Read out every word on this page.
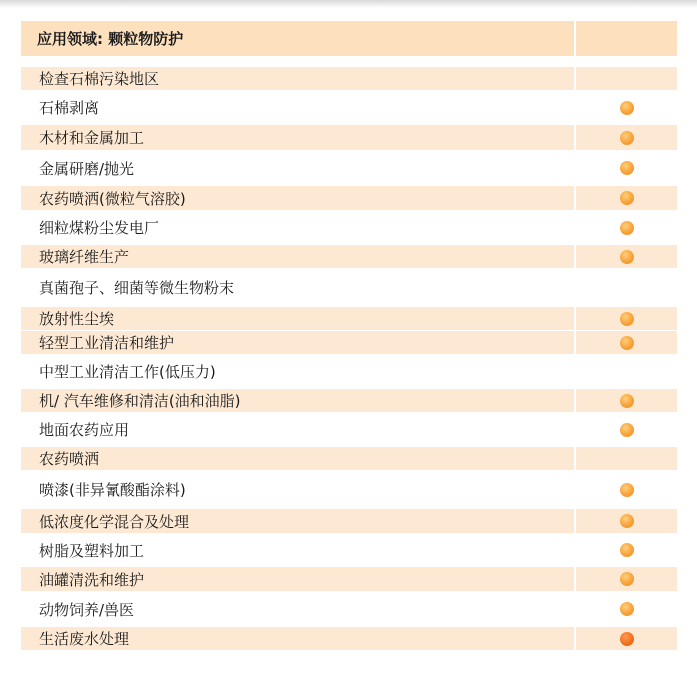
应用领域: 颗粒物防护
检查石棉污染地区
石棉剥离
木材和金属加工
金属研磨/抛光
农药喷洒(微粒气溶胶)
细粒煤粉尘发电厂
玻璃纤维生产
真菌孢子、细菌等微生物粉末
放射性尘埃
轻型工业清洁和维护
中型工业清洁工作(低压力)
机/ 汽车维修和清洁(油和油脂)
地面农药应用
农药喷洒
喷漆(非异氰酸酯涂料)
低浓度化学混合及处理
树脂及塑料加工
油罐清洗和维护
动物饲养/兽医
生活废水处理
